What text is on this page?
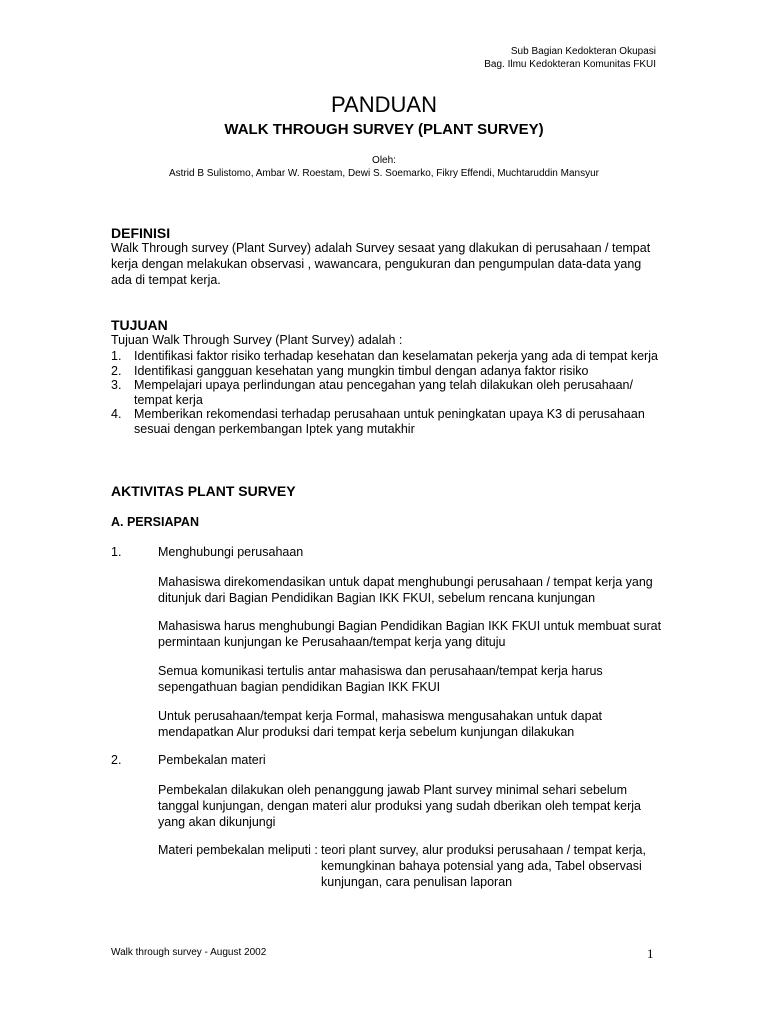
Sub Bagian Kedokteran Okupasi
Bag. Ilmu Kedokteran Komunitas FKUI
PANDUAN
WALK THROUGH SURVEY (PLANT SURVEY)
Oleh:
Astrid B Sulistomo, Ambar W. Roestam, Dewi S. Soemarko, Fikry Effendi, Muchtaruddin Mansyur
DEFINISI
Walk Through survey (Plant Survey) adalah Survey sesaat yang dlakukan di perusahaan / tempat kerja dengan melakukan observasi , wawancara, pengukuran dan pengumpulan data-data yang ada di tempat kerja.
TUJUAN
Tujuan Walk Through Survey (Plant Survey) adalah :
1. Identifikasi faktor risiko terhadap kesehatan dan keselamatan pekerja yang ada di tempat kerja
2. Identifikasi gangguan kesehatan yang mungkin timbul dengan adanya faktor risiko
3. Mempelajari upaya perlindungan atau pencegahan yang telah dilakukan oleh perusahaan/ tempat kerja
4. Memberikan rekomendasi terhadap perusahaan untuk peningkatan upaya K3 di perusahaan sesuai dengan perkembangan Iptek yang mutakhir
AKTIVITAS PLANT SURVEY
A. PERSIAPAN
1.	Menghubungi perusahaan
Mahasiswa direkomendasikan untuk dapat menghubungi perusahaan / tempat kerja yang ditunjuk dari Bagian Pendidikan Bagian IKK FKUI, sebelum rencana kunjungan
Mahasiswa harus menghubungi Bagian Pendidikan Bagian IKK FKUI untuk membuat surat permintaan kunjungan ke Perusahaan/tempat kerja yang dituju
Semua komunikasi tertulis antar mahasiswa dan perusahaan/tempat kerja harus sepengathuan bagian pendidikan Bagian IKK FKUI
Untuk perusahaan/tempat kerja Formal, mahasiswa mengusahakan untuk dapat mendapatkan Alur produksi dari tempat kerja sebelum kunjungan dilakukan
2.	Pembekalan materi
Pembekalan dilakukan oleh penanggung jawab Plant survey minimal sehari sebelum tanggal kunjungan, dengan materi alur produksi yang sudah dberikan oleh tempat kerja yang akan dikunjungi
Materi pembekalan meliputi : teori plant survey, alur produksi perusahaan / tempat kerja, kemungkinan bahaya potensial yang ada, Tabel observasi kunjungan, cara penulisan laporan
Walk through survey - August 2002	1
